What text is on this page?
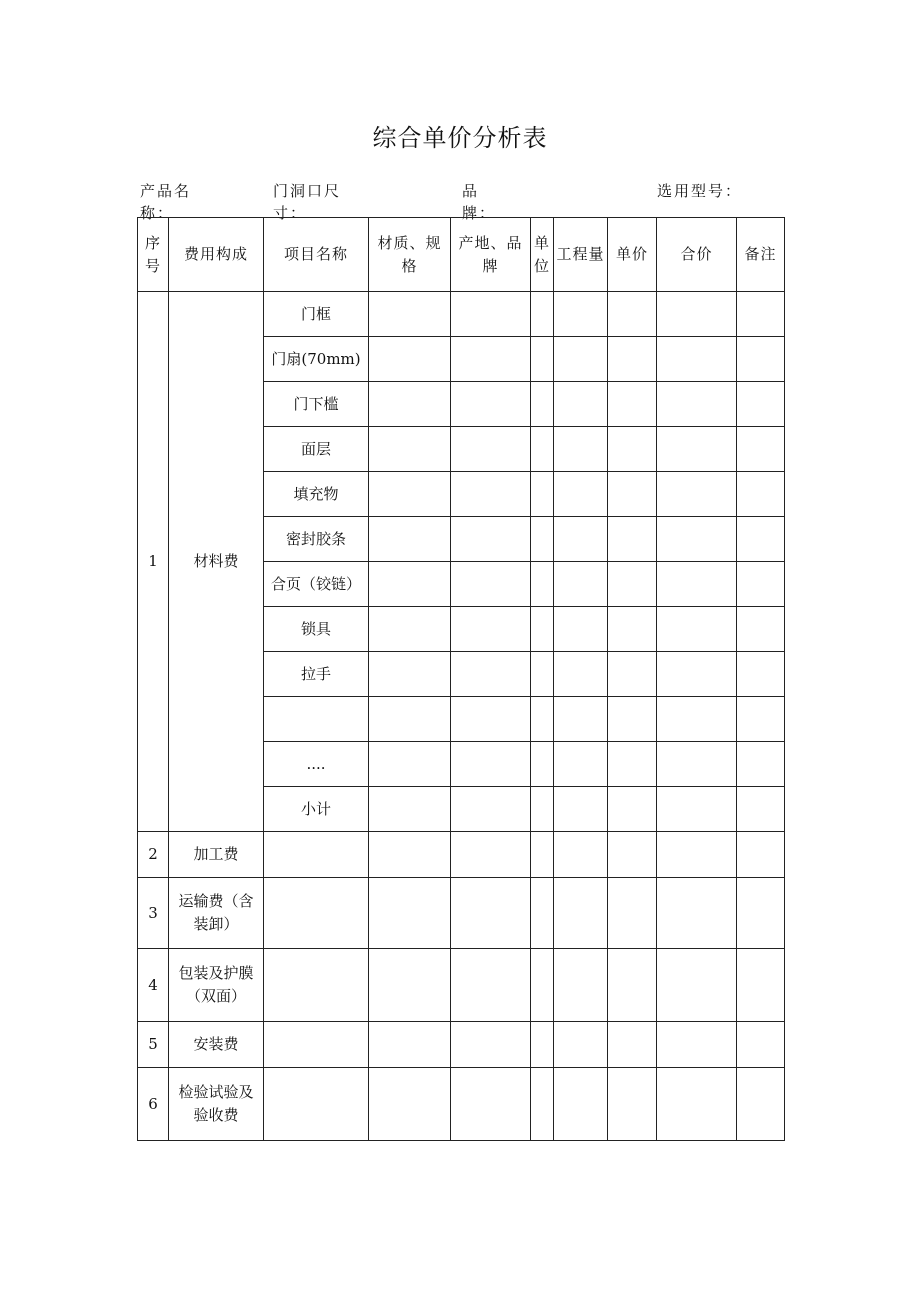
综合单价分析表
产品名
称：
门洞口尺
寸：
品
牌：
选用型号：
序
号	费用构成	项目名称	材质、规
格	产地、品
牌	单
位	工程量	单价	合价	备注
1	材料费	门框							
		门扇(70mm)							
		门下槛							
		面层							
		填充物							
		密封胶条							
		合页（铰链）							
		锁具							
		拉手							

		....							
		小计							
2	加工费								
3	运输费（含
装卸）								
4	包装及护膜
（双面）								
5	安装费								
6	检验试验及
验收费								
